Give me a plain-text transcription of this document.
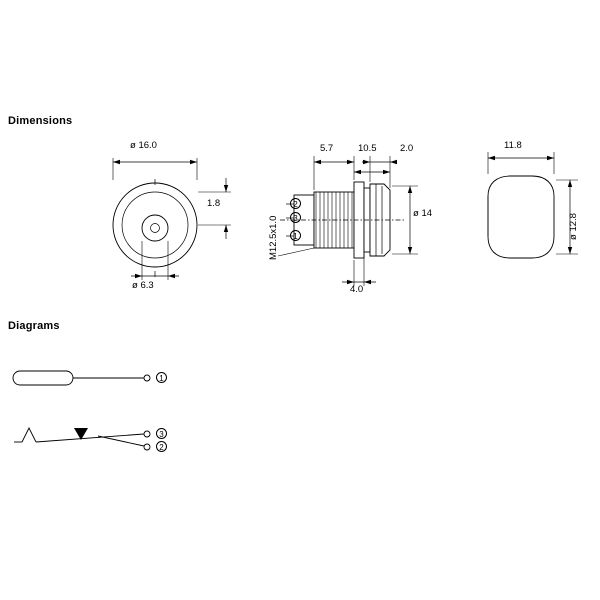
Dimensions
Diagrams
ø 16.0
ø 6.3
1.8	2
3
1
5.7	10.5 2.0
4.0
ø 14
M12.5x1.0
11.8
ø 12.8
1
3
2
